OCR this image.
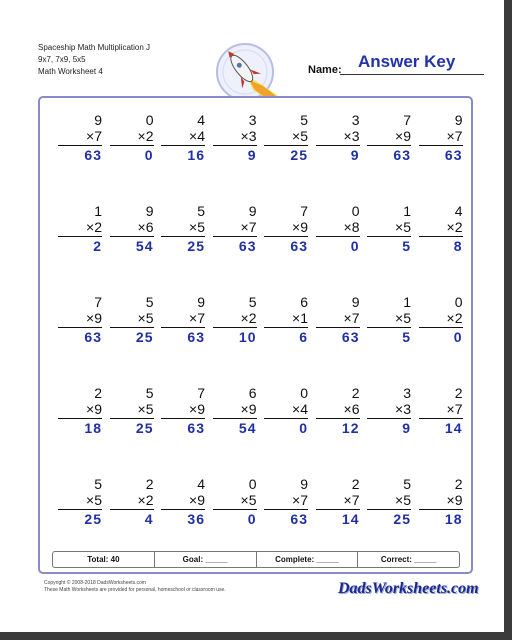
Spaceship Math Multiplication J
9x7, 7x9, 5x5
Math Worksheet 4
Answer Key
Name:
9
×7
63
0
×2
0
4
×4
16
3
×3
9
5
×5
25
3
×3
9
7
×9
63
9
×7
63
1
×2
2
9
×6
54
5
×5
25
9
×7
63
7
×9
63
0
×8
0
1
×5
5
4
×2
8
7
×9
63
5
×5
25
9
×7
63
5
×2
10
6
×1
6
9
×7
63
1
×5
5
0
×2
0
2
×9
18
5
×5
25
7
×9
63
6
×9
54
0
×4
0
2
×6
12
3
×3
9
2
×7
14
5
×5
25
2
×2
4
4
×9
36
0
×5
0
9
×7
63
2
×7
14
5
×5
25
2
×9
18
Total: 40	Goal: _____	Complete: _____	Correct: _____
Copyright © 2008-2018 DadsWorksheets.com
These Math Worksheets are provided for personal, homeschool or classroom use.	DadsWorksheets.com
